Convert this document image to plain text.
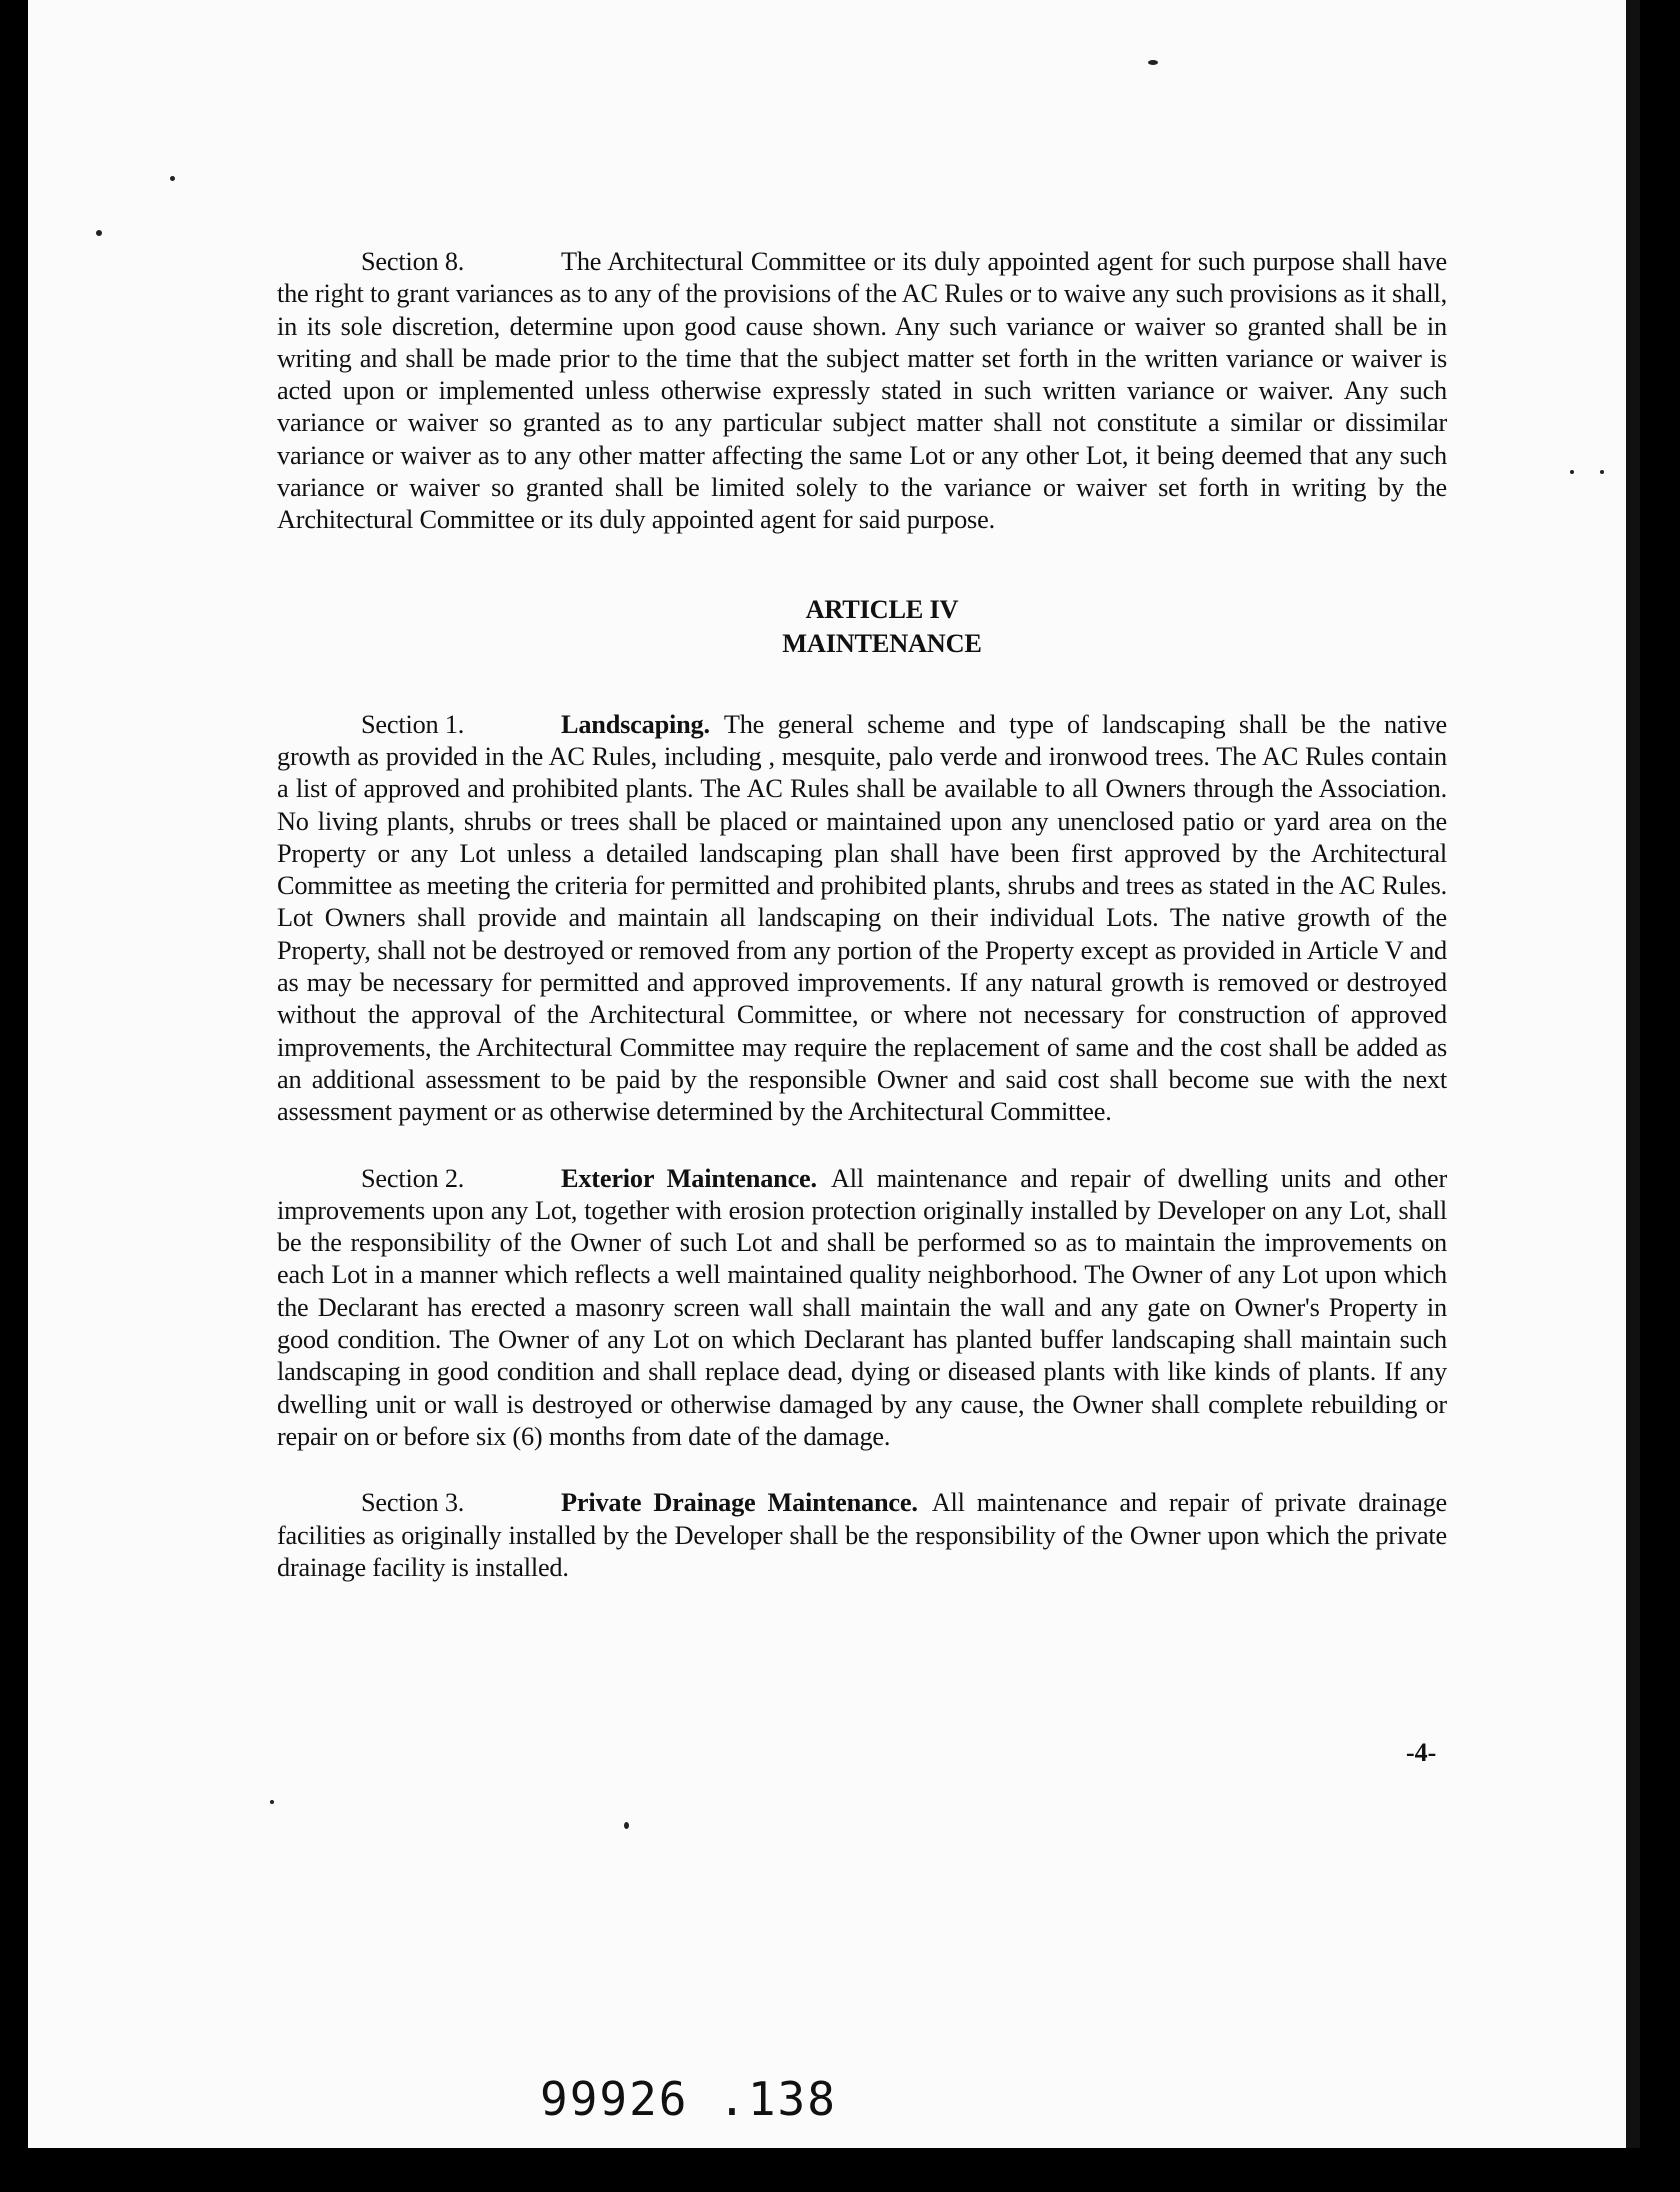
Section 8.	The Architectural Committee or its duly appointed agent for such purpose shall have the right to grant variances as to any of the provisions of the AC Rules or to waive any such provisions as it shall, in its sole discretion, determine upon good cause shown. Any such variance or waiver so granted shall be in writing and shall be made prior to the time that the subject matter set forth in the written variance or waiver is acted upon or implemented unless otherwise expressly stated in such written variance or waiver. Any such variance or waiver so granted as to any particular subject matter shall not constitute a similar or dissimilar variance or waiver as to any other matter affecting the same Lot or any other Lot, it being deemed that any such variance or waiver so granted shall be limited solely to the variance or waiver set forth in writing by the Architectural Committee or its duly appointed agent for said purpose.

ARTICLE IV
MAINTENANCE

Section 1.	Landscaping. The general scheme and type of landscaping shall be the native growth as provided in the AC Rules, including , mesquite, palo verde and ironwood trees. The AC Rules contain a list of approved and prohibited plants. The AC Rules shall be available to all Owners through the Association. No living plants, shrubs or trees shall be placed or maintained upon any unenclosed patio or yard area on the Property or any Lot unless a detailed landscaping plan shall have been first approved by the Architectural Committee as meeting the criteria for permitted and prohibited plants, shrubs and trees as stated in the AC Rules. Lot Owners shall provide and maintain all landscaping on their individual Lots. The native growth of the Property, shall not be destroyed or removed from any portion of the Property except as provided in Article V and as may be necessary for permitted and approved improvements. If any natural growth is removed or destroyed without the approval of the Architectural Committee, or where not necessary for construction of approved improvements, the Architectural Committee may require the replacement of same and the cost shall be added as an additional assessment to be paid by the responsible Owner and said cost shall become sue with the next assessment payment or as otherwise determined by the Architectural Committee.

Section 2.	Exterior Maintenance. All maintenance and repair of dwelling units and other improvements upon any Lot, together with erosion protection originally installed by Developer on any Lot, shall be the responsibility of the Owner of such Lot and shall be performed so as to maintain the improvements on each Lot in a manner which reflects a well maintained quality neighborhood. The Owner of any Lot upon which the Declarant has erected a masonry screen wall shall maintain the wall and any gate on Owner's Property in good condition. The Owner of any Lot on which Declarant has planted buffer landscaping shall maintain such landscaping in good condition and shall replace dead, dying or diseased plants with like kinds of plants. If any dwelling unit or wall is destroyed or otherwise damaged by any cause, the Owner shall complete rebuilding or repair on or before six (6) months from date of the damage.

Section 3.	Private Drainage Maintenance. All maintenance and repair of private drainage facilities as originally installed by the Developer shall be the responsibility of the Owner upon which the private drainage facility is installed.

-4-
99926 .138
